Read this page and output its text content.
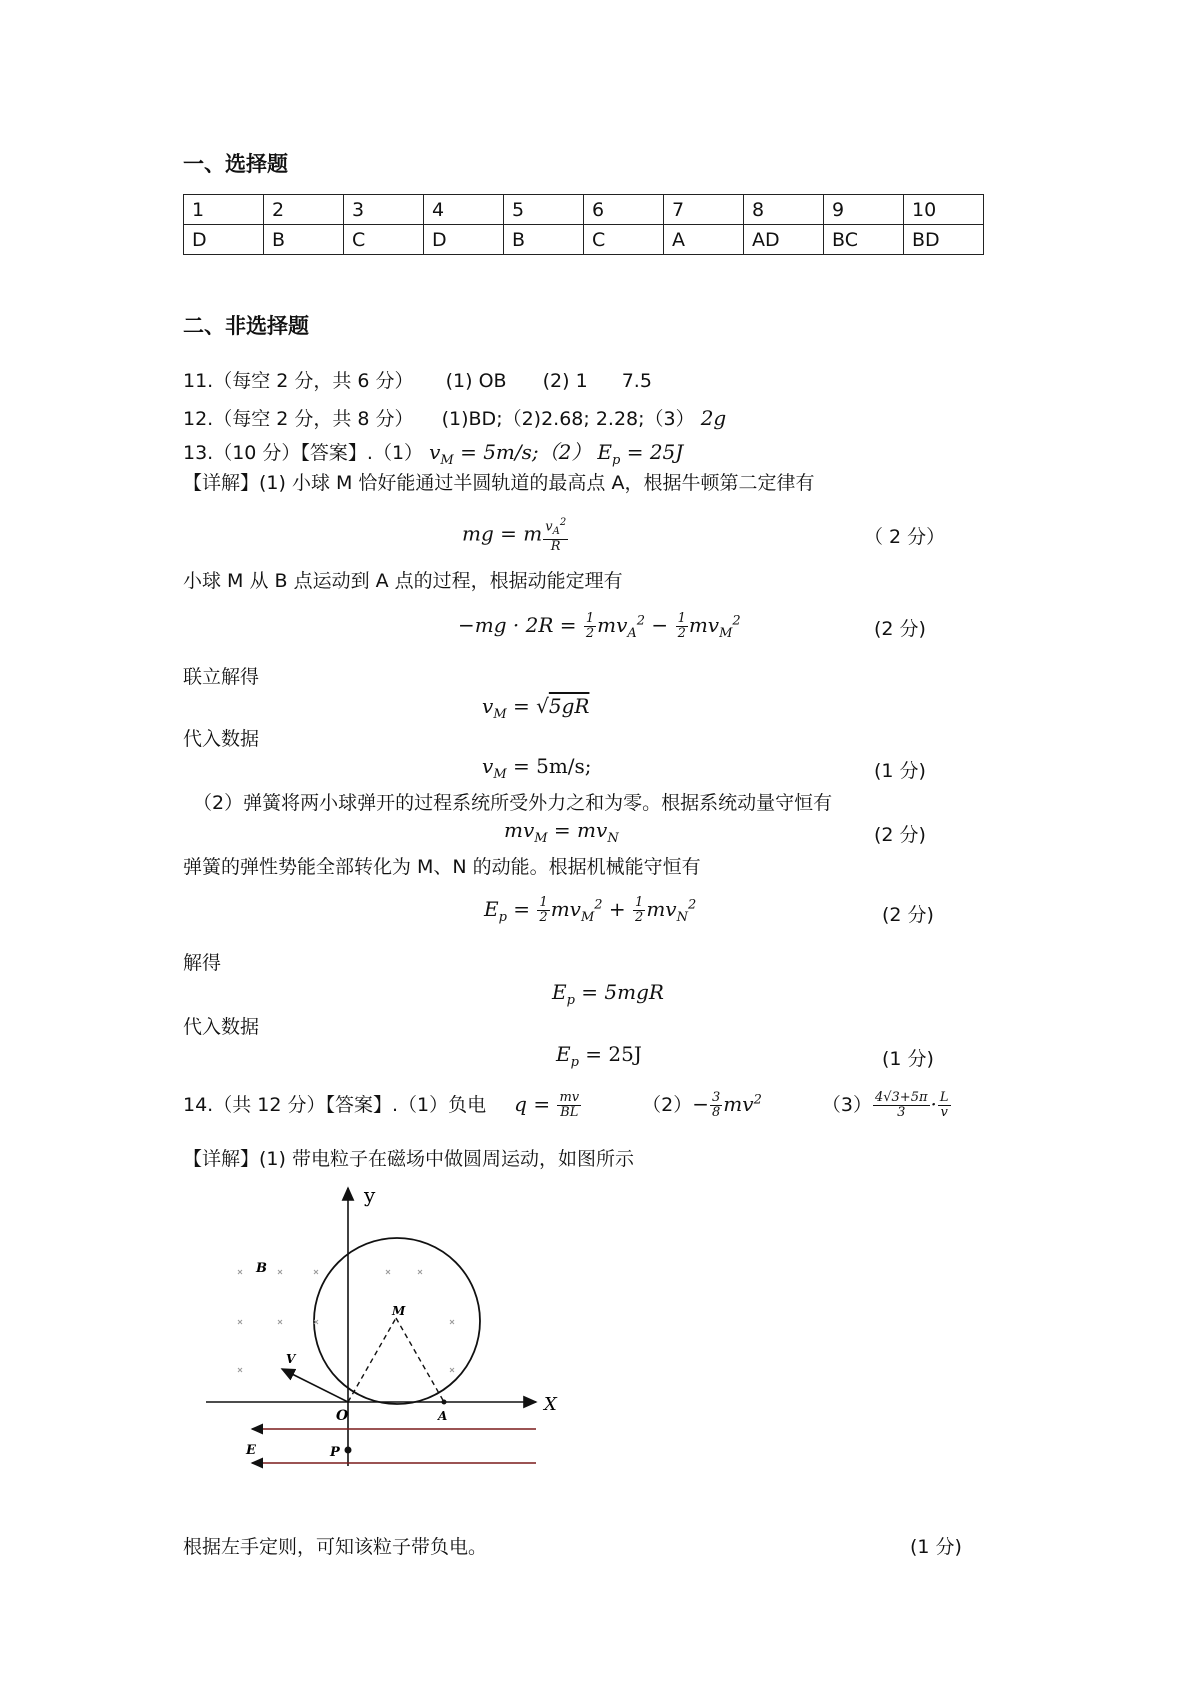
一、选择题
1	2	3	4	5	6	7	8	9	10
D	B	C	D	B	C	A	AD	BC	BD
二、非选择题
11.（每空 2 分，共 6 分） (1) OB (2) 1 7.5
12.（每空 2 分，共 8 分） (1)BD;（2)2.68; 2.28;（3） 2g
13.（10 分）【答案】.（1） $v_M$ = 5m/s;（2） $E_p = 25J$
【详解】(1) 小球 M 恰好能通过半圆轨道的最高点 A，根据牛顿第二定律有
mg = m $\frac{v_A^2}{R}$	（ 2 分）
小球 M 从 B 点运动到 A 点的过程，根据动能定理有
$-mg \cdot 2R = \frac{1}{2} mv_A^2 - \frac{1}{2} mv_M^2$	(2 分)
联立解得
$v_M = √5gR$
代入数据
$v_M = 5m/s$;	(1 分)
（2）弹簧将两小球弹开的过程系统所受外力之和为零。根据系统动量守恒有
$mv_M = mv_N$	(2 分)
弹簧的弹性势能全部转化为 M、N 的动能。根据机械能守恒有
$E_p = \frac{1}{2} mv_M^2 + \frac{1}{2} mv_N^2$	(2 分)
解得
$E_p = 5mgR$
代入数据
$E_p = 25J$	(1 分)
14.（共 12 分）【答案】.（1）负电 $q = \frac{mv}{BL}$	$(2)- \frac{3}{8} mv^2$	$(3) \frac{4√3+5\pi}{3} \cdot \frac{L}{v}$
【详解】(1) 带电粒子在磁场中做圆周运动，如图所示
y
X
E	P
M
A
O
V
B
根据左手定则，可知该粒子带负电。	(1 分)
